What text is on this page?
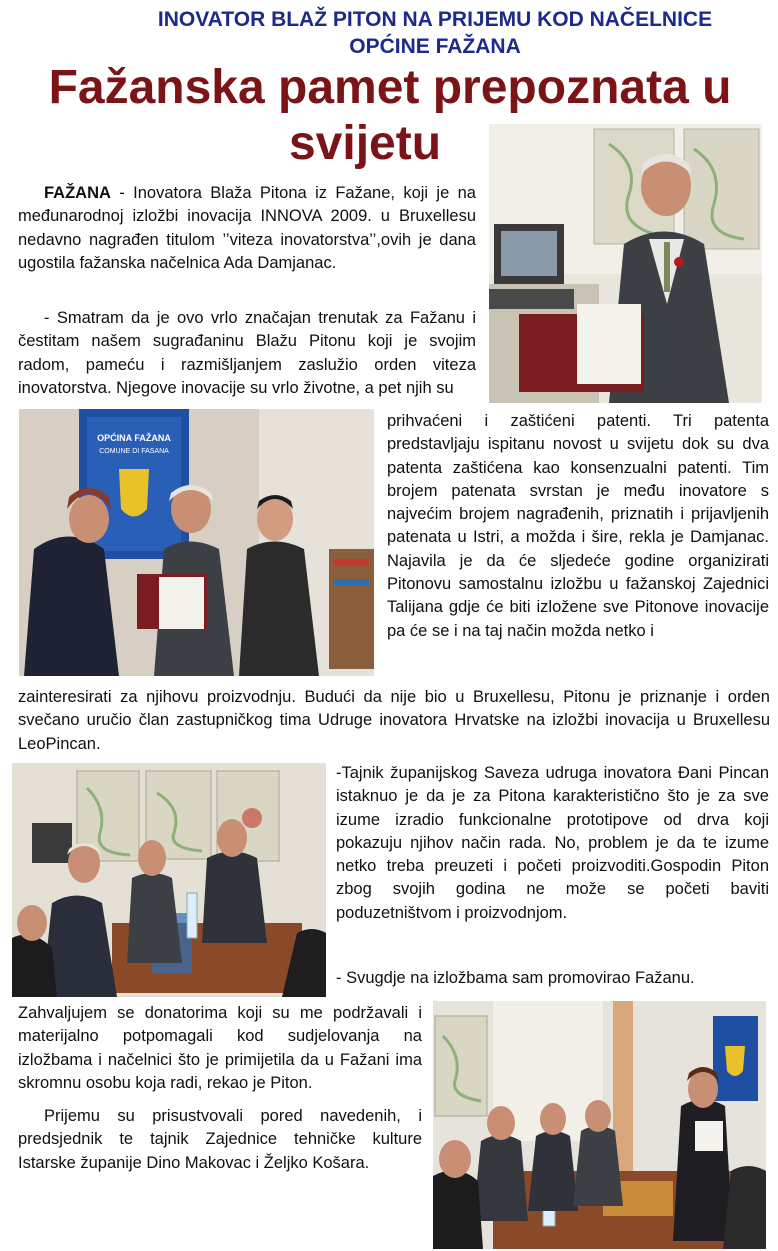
INOVATOR BLAŽ PITON NA PRIJEMU KOD NAČELNICE
OPĆINE FAŽANA
Fažanska pamet prepoznata u
svijetu

FAŽANA - Inovatora Blaža Pitona iz Fažane, koji je na međunarodnoj izložbi inovacija INNOVA 2009. u Bruxellesu nedavno nagrađen titulom ’’viteza inovatorstva’’,ovih je dana ugostila fažanska načelnica Ada Damjanac.

- Smatram da je ovo vrlo značajan trenutak za Fažanu i čestitam našem sugrađaninu Blažu Pitonu koji je svojim radom, pameću i razmišljanjem zaslužio orden viteza inovatorstva. Njegove inovacije su vrlo životne, a pet njih su

OPĆINA FAŽANA
COMUNE DI FASANA

prihvaćeni i zaštićeni patenti. Tri patenta predstavljaju ispitanu novost u svijetu dok su dva patenta zaštićena kao konsenzualni patenti. Tim brojem patenata svrstan je među inovatore s najvećim brojem nagrađenih, priznatih i prijavljenih patenata u Istri, a možda i šire, rekla je Damjanac. Najavila je da će sljedeće godine organizirati Pitonovu samostalnu izložbu u fažanskoj Zajednici Talijana gdje će biti izložene sve Pitonove inovacije pa će se i na taj način možda netko i

zainteresirati za njihovu proizvodnju. Budući da nije bio u Bruxellesu, Pitonu je priznanje i orden svečano uručio član zastupničkog tima Udruge inovatora Hrvatske na izložbi inovacija u Bruxellesu LeoPincan.

-Tajnik županijskog Saveza udruga inovatora Đani Pincan istaknuo je da je za Pitona karakteristično što je za sve izume izradio funkcionalne prototipove od drva koji pokazuju njihov način rada. No, problem je da te izume netko treba preuzeti i početi proizvoditi.Gospodin Piton zbog svojih godina ne može se početi baviti poduzetništvom i proizvodnjom.

- Svugdje na izložbama sam promovirao Fažanu.

Zahvaljujem se donatorima koji su me podržavali i materijalno potpomagali kod sudjelovanja na izložbama i načelnici što je primijetila da u Fažani ima skromnu osobu koja radi, rekao je Piton.

Prijemu su prisustvovali pored navedenih, i predsjednik te tajnik Zajednice tehničke kulture Istarske županije Dino Makovac i Željko Košara.
